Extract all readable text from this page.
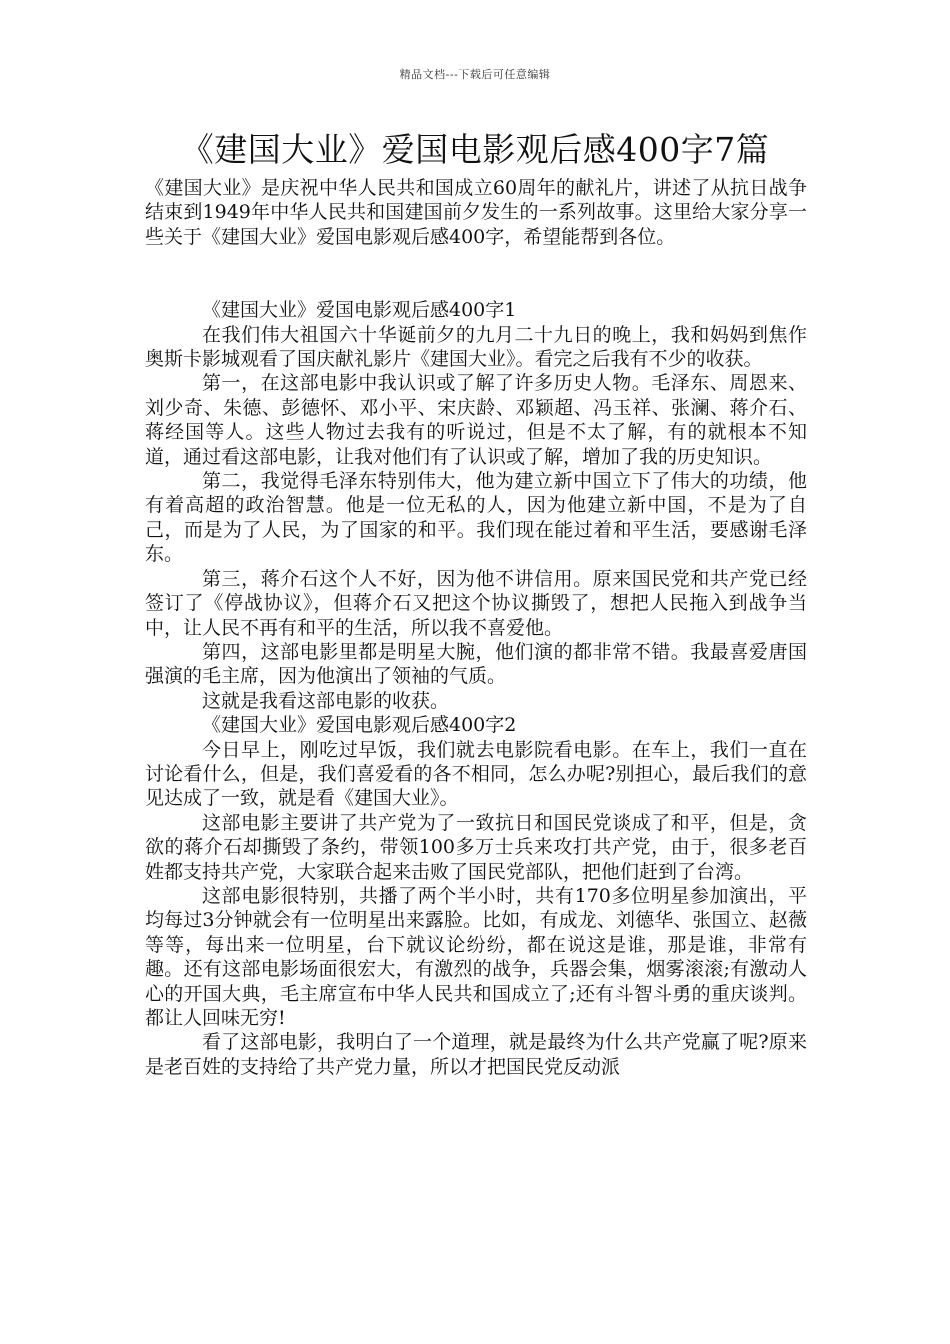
精品文档---下载后可任意编辑
《建国大业》爱国电影观后感400字7篇

《建国大业》是庆祝中华人民共和国成立60周年的献礼片，讲述了从抗日战争结束到1949年中华人民共和国建国前夕发生的一系列故事。这里给大家分享一些关于《建国大业》爱国电影观后感400字，希望能帮到各位。

《建国大业》爱国电影观后感400字1

在我们伟大祖国六十华诞前夕的九月二十九日的晚上，我和妈妈到焦作奥斯卡影城观看了国庆献礼影片《建国大业》。看完之后我有不少的收获。

第一，在这部电影中我认识或了解了许多历史人物。毛泽东、周恩来、刘少奇、朱德、彭德怀、邓小平、宋庆龄、邓颖超、冯玉祥、张澜、蒋介石、蒋经国等人。这些人物过去我有的听说过，但是不太了解，有的就根本不知道，通过看这部电影，让我对他们有了认识或了解，增加了我的历史知识。

第二，我觉得毛泽东特别伟大，他为建立新中国立下了伟大的功绩，他有着高超的政治智慧。他是一位无私的人，因为他建立新中国，不是为了自己，而是为了人民，为了国家的和平。我们现在能过着和平生活，要感谢毛泽东。

第三，蒋介石这个人不好，因为他不讲信用。原来国民党和共产党已经签订了《停战协议》，但蒋介石又把这个协议撕毁了，想把人民拖入到战争当中，让人民不再有和平的生活，所以我不喜爱他。

第四，这部电影里都是明星大腕，他们演的都非常不错。我最喜爱唐国强演的毛主席，因为他演出了领袖的气质。

这就是我看这部电影的收获。

《建国大业》爱国电影观后感400字2

今日早上，刚吃过早饭，我们就去电影院看电影。在车上，我们一直在讨论看什么，但是，我们喜爱看的各不相同，怎么办呢?别担心，最后我们的意见达成了一致，就是看《建国大业》。

这部电影主要讲了共产党为了一致抗日和国民党谈成了和平，但是，贪欲的蒋介石却撕毁了条约，带领100多万士兵来攻打共产党，由于，很多老百姓都支持共产党，大家联合起来击败了国民党部队，把他们赶到了台湾。

这部电影很特别，共播了两个半小时，共有170多位明星参加演出，平均每过3分钟就会有一位明星出来露脸。比如，有成龙、刘德华、张国立、赵薇等等，每出来一位明星，台下就议论纷纷，都在说这是谁，那是谁，非常有趣。还有这部电影场面很宏大，有激烈的战争，兵器会集，烟雾滚滚;有激动人心的开国大典，毛主席宣布中华人民共和国成立了;还有斗智斗勇的重庆谈判。都让人回味无穷!

看了这部电影，我明白了一个道理，就是最终为什么共产党赢了呢?原来是老百姓的支持给了共产党力量，所以才把国民党反动派
